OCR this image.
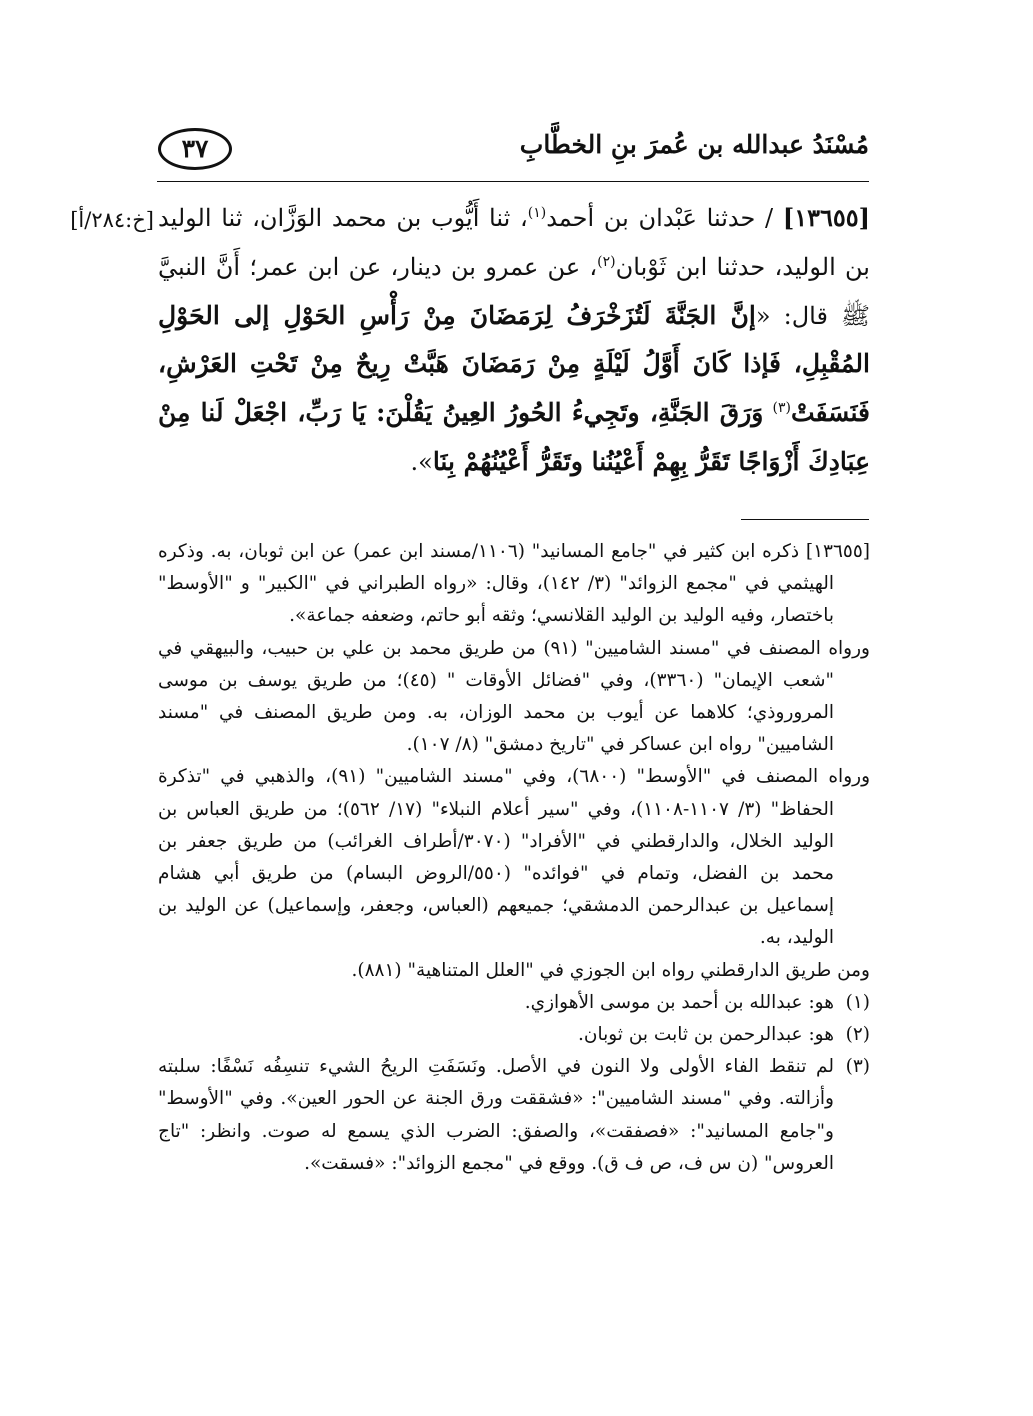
مُسْنَدُ عبدالله بن عُمرَ بنِ الخطَّابِ
٣٧
[خ:٢٨٤/أ]	[١٣٦٥٥] / حدثنا عَبْدان بن أحمد$^{(١)}$، ثنا أَيُّوب بن محمد الوَزَّان، ثنا الوليد بن الوليد، حدثنا ابن ثَوْبان$^{(٢)}$، عن عمرو بن دينار، عن ابن عمر؛ أَنَّ النبيَّ ﷺ قال: «إنَّ الجَنَّةَ لَتُزَخْرَفُ لِرَمَضَانَ مِنْ رَأْسِ الحَوْلِ إلى الحَوْلِ المُقْبِلِ، فَإذا كَانَ أَوَّلُ لَيْلَةٍ مِنْ رَمَضَانَ هَبَّتْ رِيحٌ مِنْ تَحْتِ العَرْشِ، فَنَسَفَتْ$^{(٣)}$ وَرَقَ الجَنَّةِ، وتَجِيءُ الحُورُ العِينُ يَقُلْنَ: يَا رَبِّ، اجْعَلْ لَنا مِنْ عِبَادِكَ أَزْوَاجًا تَقَرُّ بِهِمْ أَعْيُنُنا وتَقَرُّ أَعْيُنُهُمْ بِنَا».

[١٣٦٥٥] ذكره ابن كثير في "جامع المسانيد" (١١٠٦/مسند ابن عمر) عن ابن ثوبان، به. وذكره الهيثمي في "مجمع الزوائد" (٣/ ١٤٢)، وقال: «رواه الطبراني في "الكبير" و "الأوسط" باختصار، وفيه الوليد بن الوليد القلانسي؛ وثقه أبو حاتم، وضعفه جماعة».

ورواه المصنف في "مسند الشاميين" (٩١) من طريق محمد بن علي بن حبيب، والبيهقي في "شعب الإيمان" (٣٣٦٠)، وفي "فضائل الأوقات " (٤٥)؛ من طريق يوسف بن موسى المروروذي؛ كلاهما عن أيوب بن محمد الوزان، به. ومن طريق المصنف في "مسند الشاميين" رواه ابن عساكر في "تاريخ دمشق" (٨/ ١٠٧).

ورواه المصنف في "الأوسط" (٦٨٠٠)، وفي "مسند الشاميين" (٩١)، والذهبي في "تذكرة الحفاظ" (٣/ ١١٠٧-١١٠٨)، وفي "سير أعلام النبلاء" (١٧/ ٥٦٢)؛ من طريق العباس بن الوليد الخلال، والدارقطني في "الأفراد" (٣٠٧٠/أطراف الغرائب) من طريق جعفر بن محمد بن الفضل، وتمام في "فوائده" (٥٥٠/الروض البسام) من طريق أبي هشام إسماعيل بن عبدالرحمن الدمشقي؛ جميعهم (العباس، وجعفر، وإسماعيل) عن الوليد بن الوليد، به.

ومن طريق الدارقطني رواه ابن الجوزي في "العلل المتناهية" (٨٨١).

(١)
هو: عبدالله بن أحمد بن موسى الأهوازي.
(٢)
هو: عبدالرحمن بن ثابت بن ثوبان.
(٣)
لم تنقط الفاء الأولى ولا النون في الأصل. ونَسَفَتِ الريحُ الشيء تنسِفُه نَسْفًا: سلبته وأزالته. وفي "مسند الشاميين": «فشققت ورق الجنة عن الحور العين». وفي "الأوسط" و"جامع المسانيد": «فصفقت»، والصفق: الضرب الذي يسمع له صوت. وانظر: "تاج العروس" (ن س ف، ص ف ق). ووقع في "مجمع الزوائد": «فسقت».
